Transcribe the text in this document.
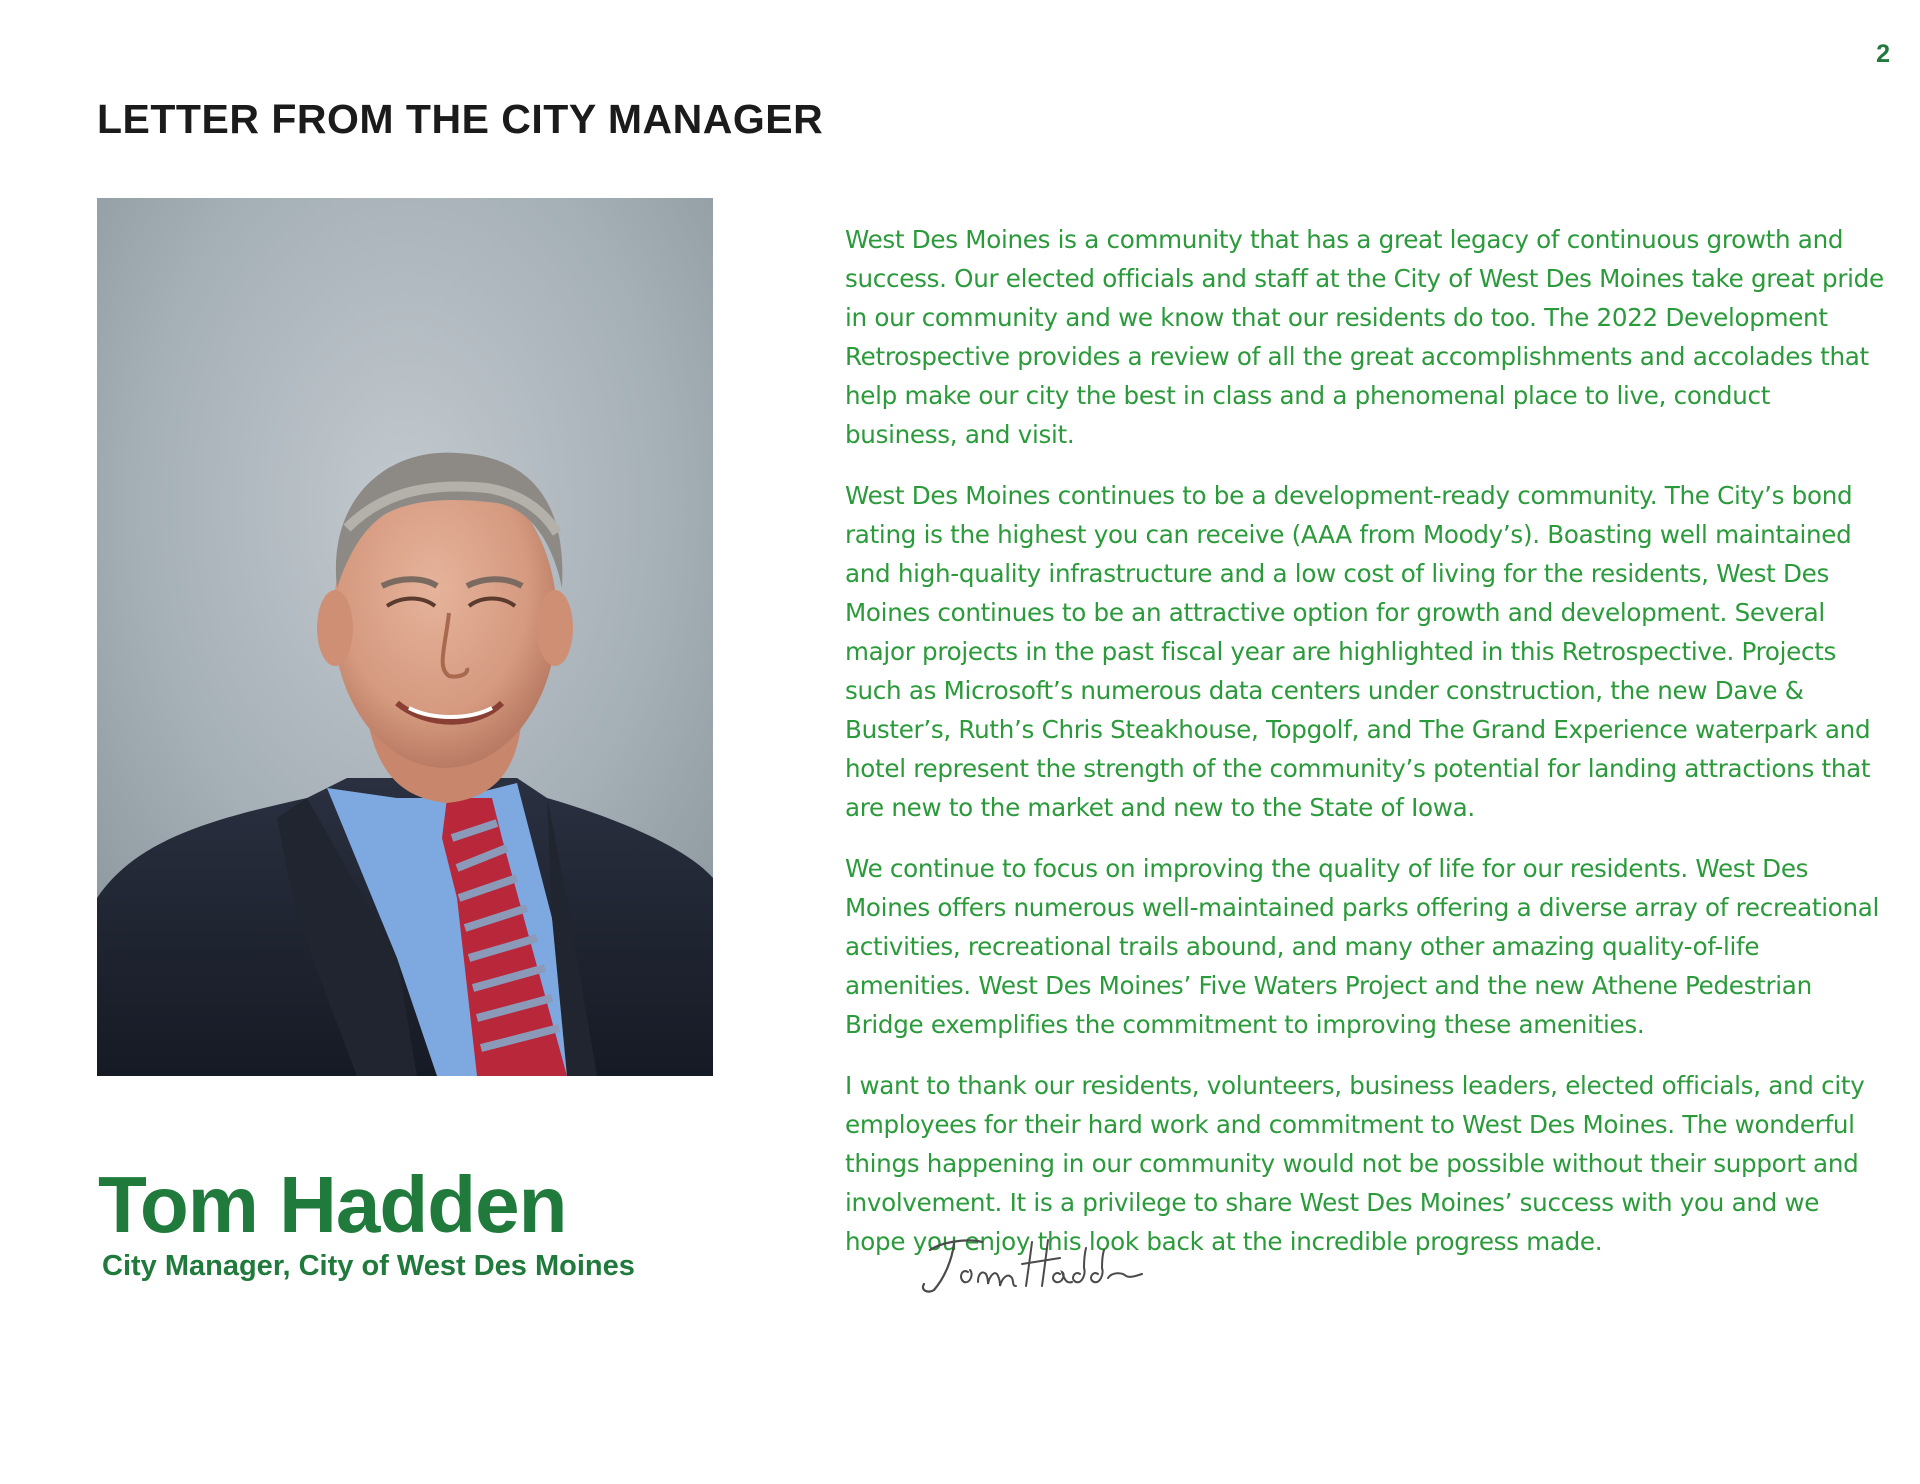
2
LETTER FROM THE CITY MANAGER
Tom Hadden
City Manager, City of West Des Moines

West Des Moines is a community that has a great legacy of continuous growth and success. Our elected officials and staff at the City of West Des Moines take great pride in our community and we know that our residents do too. The 2022 Development Retrospective provides a review of all the great accomplishments and accolades that help make our city the best in class and a phenomenal place to live, conduct business, and visit.

West Des Moines continues to be a development-ready community. The City’s bond rating is the highest you can receive (AAA from Moody’s). Boasting well maintained and high-quality infrastructure and a low cost of living for the residents, West Des Moines continues to be an attractive option for growth and development. Several major projects in the past fiscal year are highlighted in this Retrospective. Projects such as Microsoft’s numerous data centers under construction, the new Dave & Buster’s, Ruth’s Chris Steakhouse, Topgolf, and The Grand Experience waterpark and hotel represent the strength of the community’s potential for landing attractions that are new to the market and new to the State of Iowa.

We continue to focus on improving the quality of life for our residents. West Des Moines offers numerous well-maintained parks offering a diverse array of recreational activities, recreational trails abound, and many other amazing quality-of-life amenities. West Des Moines’ Five Waters Project and the new Athene Pedestrian Bridge exemplifies the commitment to improving these amenities.

I want to thank our residents, volunteers, business leaders, elected officials, and city employees for their hard work and commitment to West Des Moines. The wonderful things happening in our community would not be possible without their support and involvement. It is a privilege to share West Des Moines’ success with you and we hope you enjoy this look back at the incredible progress made.
